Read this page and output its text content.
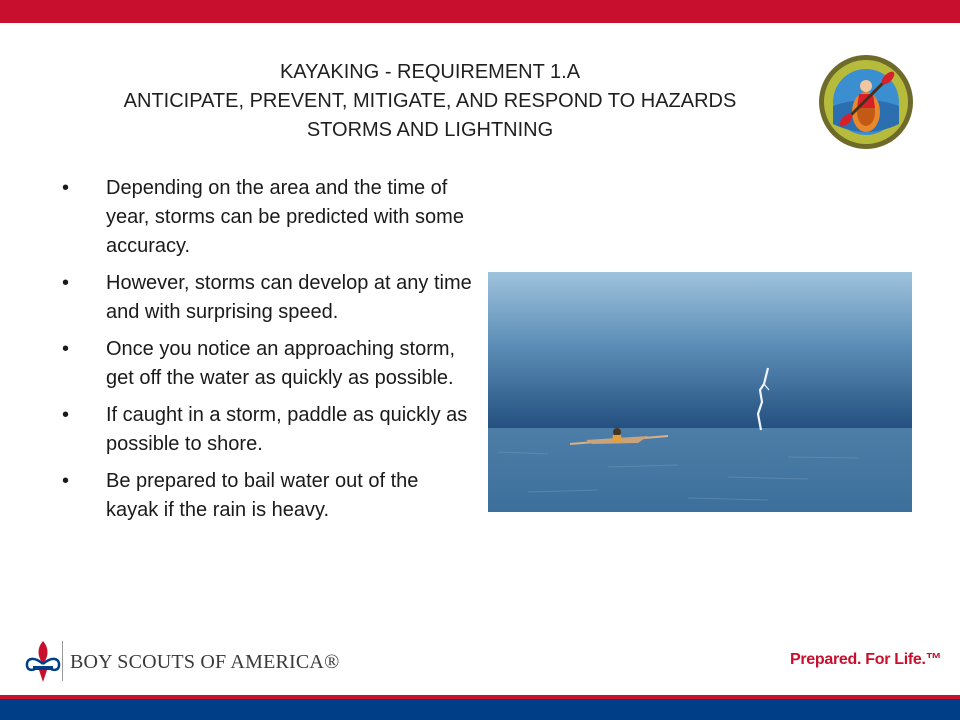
KAYAKING - REQUIREMENT 1.A
ANTICIPATE, PREVENT, MITIGATE, AND RESPOND TO HAZARDS
STORMS AND LIGHTNING
• Depending on the area and the time of year, storms can be predicted with some accuracy.
• However, storms can develop at any time and with surprising speed.
• Once you notice an approaching storm, get off the water as quickly as possible.
• If caught in a storm, paddle as quickly as possible to shore.
• Be prepared to bail water out of the kayak if the rain is heavy.
BOY SCOUTS OF AMERICA®	Prepared. For Life.™
